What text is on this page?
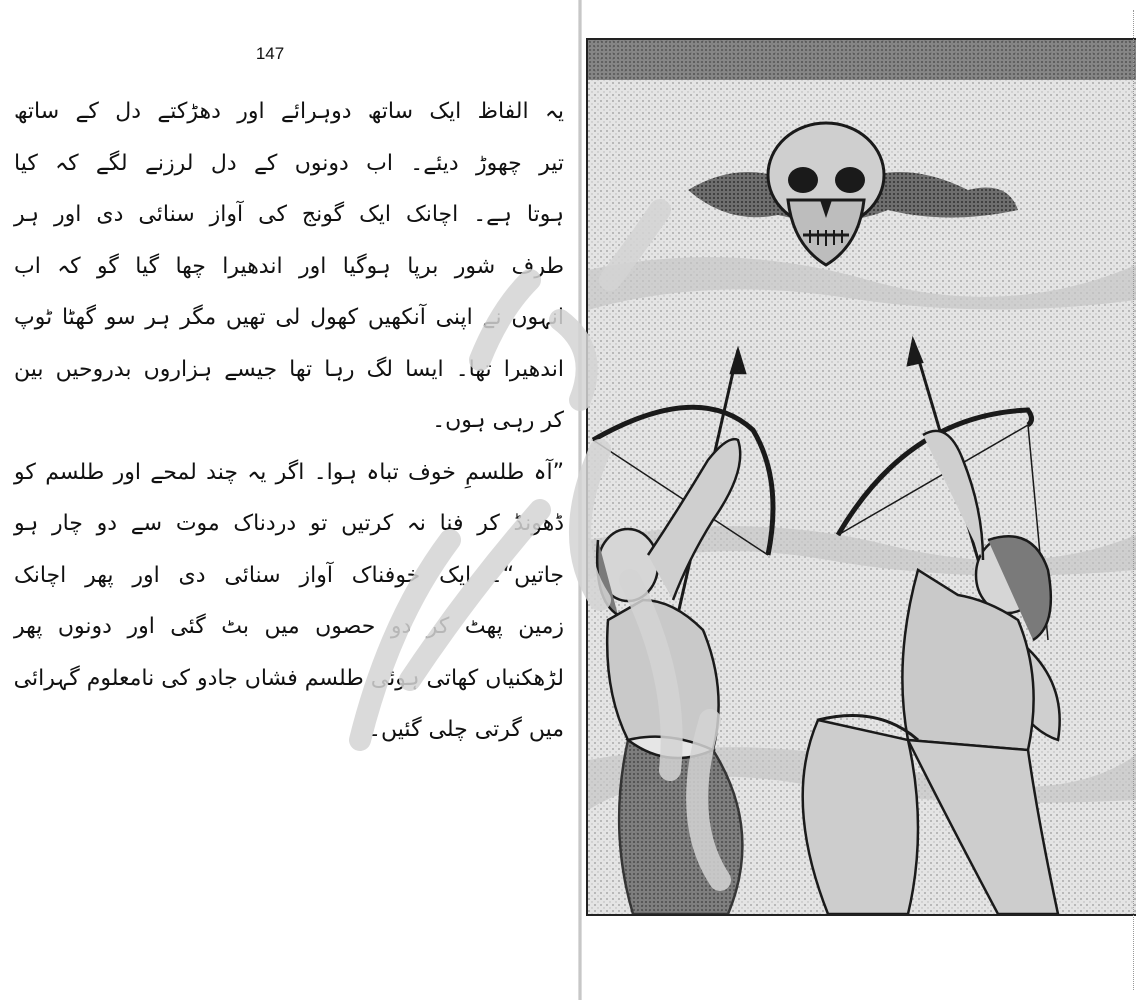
147
یہ الفاظ ایک ساتھ دوہرائے اور دھڑکتے دل کے ساتھ
تیر چھوڑ دیئے۔ اب دونوں کے دل لرزنے لگے کہ کیا
ہوتا ہے۔ اچانک ایک گونج کی آواز سنائی دی اور ہر
طرف شور برپا ہوگیا اور اندھیرا چھا گیا گو کہ اب
انہوں نے اپنی آنکھیں کھول لی تھیں مگر ہر سو گھٹا ٹوپ
اندھیرا تھا۔ ایسا لگ رہا تھا جیسے ہزاروں بدروحیں بین
کر رہی ہوں۔
”آہ طلسمِ خوف تباہ ہوا۔ اگر یہ چند لمحے اور طلسم کو
ڈھونڈ کر فنا نہ کرتیں تو دردناک موت سے دو چار ہو
جاتیں“۔ ایک خوفناک آواز سنائی دی اور پھر اچانک
زمین پھٹ کر دو حصوں میں بٹ گئی اور دونوں پھر
لڑھکنیاں کھاتی ہوئی طلسم فشاں جادو کی نامعلوم گہرائی
میں گرتی چلی گئیں۔
